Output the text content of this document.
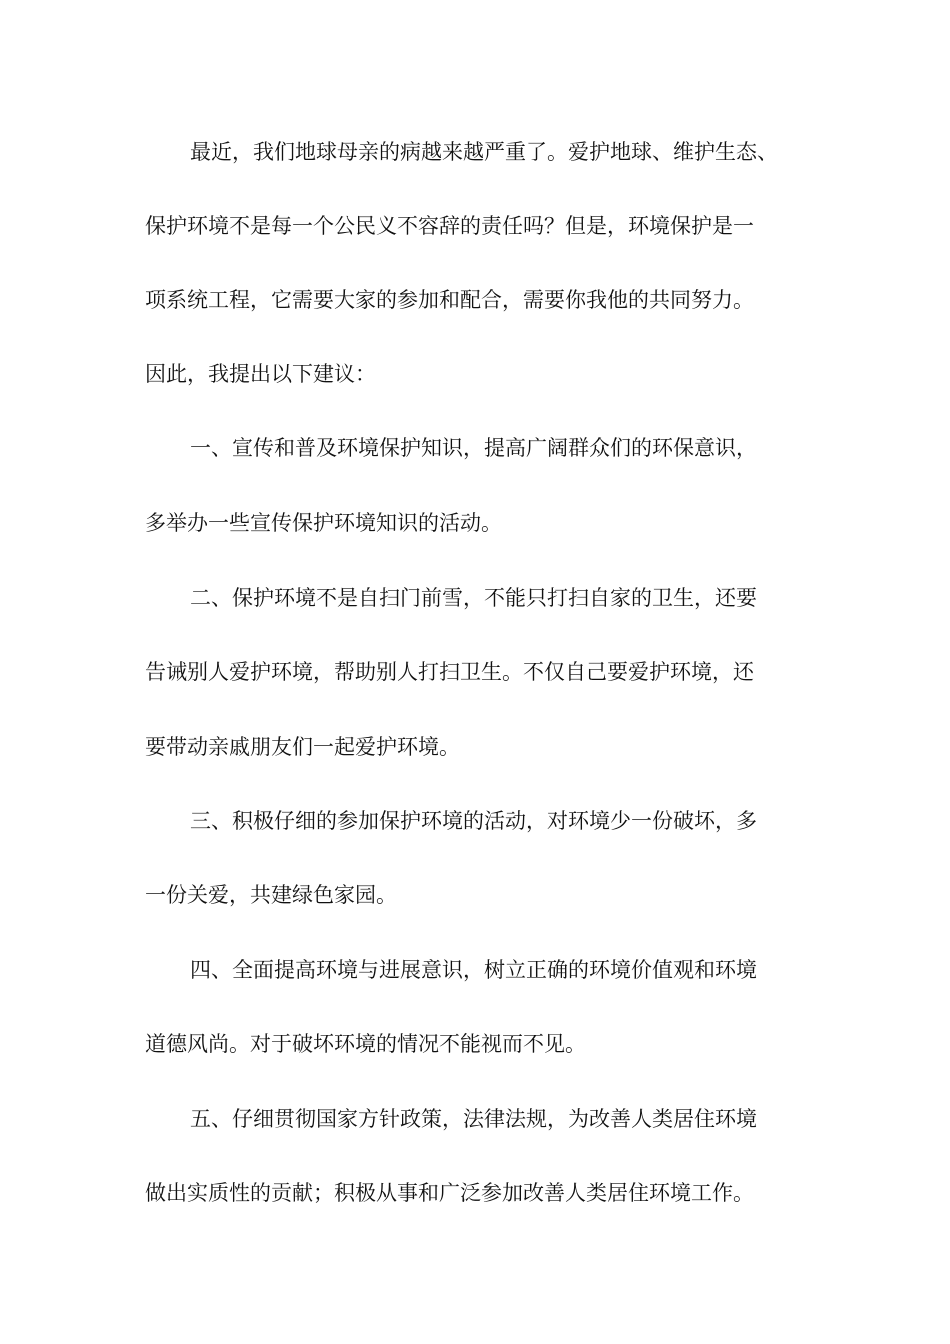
最近，我们地球母亲的病越来越严重了。爱护地球、维护生态、
保护环境不是每一个公民义不容辞的责任吗？但是，环境保护是一
项系统工程，它需要大家的参加和配合，需要你我他的共同努力。
因此，我提出以下建议：
一、宣传和普及环境保护知识，提高广阔群众们的环保意识，
多举办一些宣传保护环境知识的活动。
二、保护环境不是自扫门前雪，不能只打扫自家的卫生，还要
告诫别人爱护环境，帮助别人打扫卫生。不仅自己要爱护环境，还
要带动亲戚朋友们一起爱护环境。
三、积极仔细的参加保护环境的活动，对环境少一份破坏，多
一份关爱，共建绿色家园。
四、全面提高环境与进展意识，树立正确的环境价值观和环境
道德风尚。对于破坏环境的情况不能视而不见。
五、仔细贯彻国家方针政策，法律法规，为改善人类居住环境
做出实质性的贡献；积极从事和广泛参加改善人类居住环境工作。
